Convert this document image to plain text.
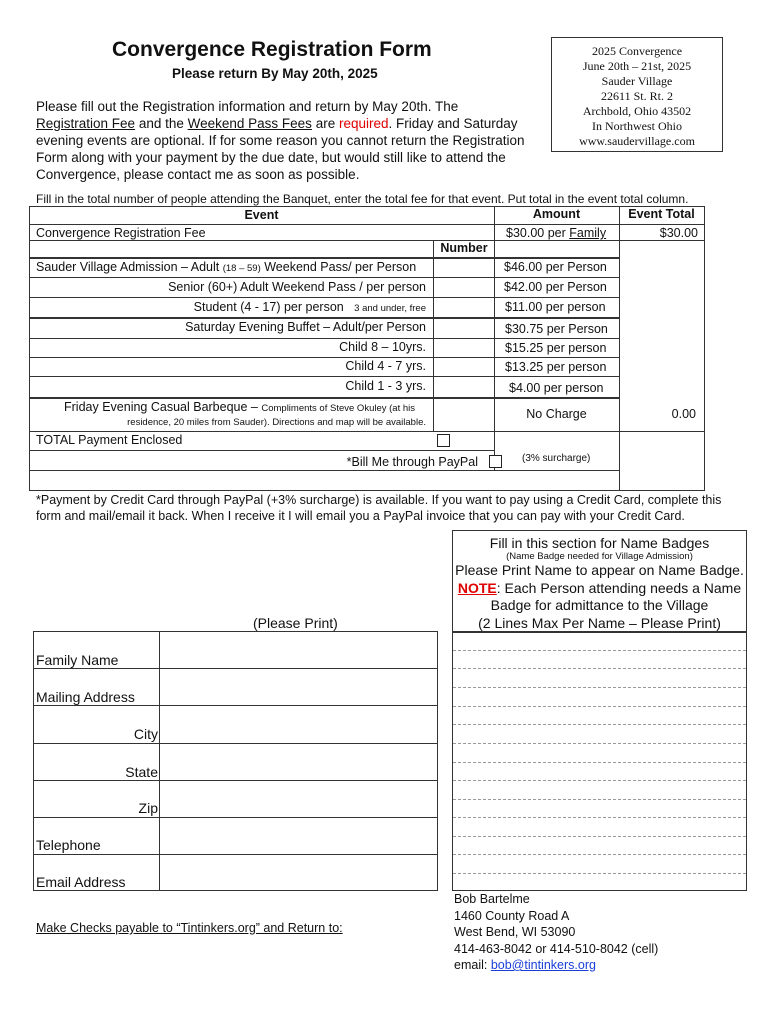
Convergence Registration Form
Please return By May 20th, 2025
2025 Convergence
June 20th – 21st, 2025
Sauder Village
22611 St. Rt. 2
Archbold, Ohio 43502
In Northwest Ohio
www.saudervillage.com
Please fill out the Registration information and return by May 20th. The
Registration Fee and the Weekend Pass Fees are required. Friday and Saturday
evening events are optional. If for some reason you cannot return the Registration
Form along with your payment by the due date, but would still like to attend the
Convergence, please contact me as soon as possible.
Fill in the total number of people attending the Banquet, enter the total fee for that event. Put total in the event total column.
Event	Amount	Event Total
Convergence Registration Fee	$30.00 per Family	$30.00
Number
Sauder Village Admission – Adult (18 – 59) Weekend Pass/ per Person	$46.00 per Person
Senior (60+) Adult Weekend Pass / per person	$42.00 per Person
Student (4 - 17) per person 3 and under, free	$11.00 per person
Saturday Evening Buffet – Adult/per Person	$30.75 per Person
Child 8 – 10yrs.	$15.25 per person
Child 4 - 7 yrs.	$13.25 per person
Child 1 - 3 yrs.	$4.00 per person
Friday Evening Casual Barbeque – Compliments of Steve Okuley (at his
residence, 20 miles from Sauder). Directions and map will be available.
No Charge	0.00
TOTAL Payment Enclosed
*Bill Me through PayPal	(3% surcharge)
*Payment by Credit Card through PayPal (+3% surcharge) is available. If you want to pay using a Credit Card, complete this form and mail/email it back. When I receive it I will email you a PayPal invoice that you can pay with your Credit Card.
Fill in this section for Name Badges
(Name Badge needed for Village Admission)
Please Print Name to appear on Name Badge.
NOTE: Each Person attending needs a Name
Badge for admittance to the Village
(2 Lines Max Per Name – Please Print)
(Please Print)
Family Name
Mailing Address
City
State
Zip
Telephone
Email Address
Make Checks payable to “Tintinkers.org” and Return to:
Bob Bartelme
1460 County Road A
West Bend, WI 53090
414-463-8042 or 414-510-8042 (cell)
email: bob@tintinkers.org
